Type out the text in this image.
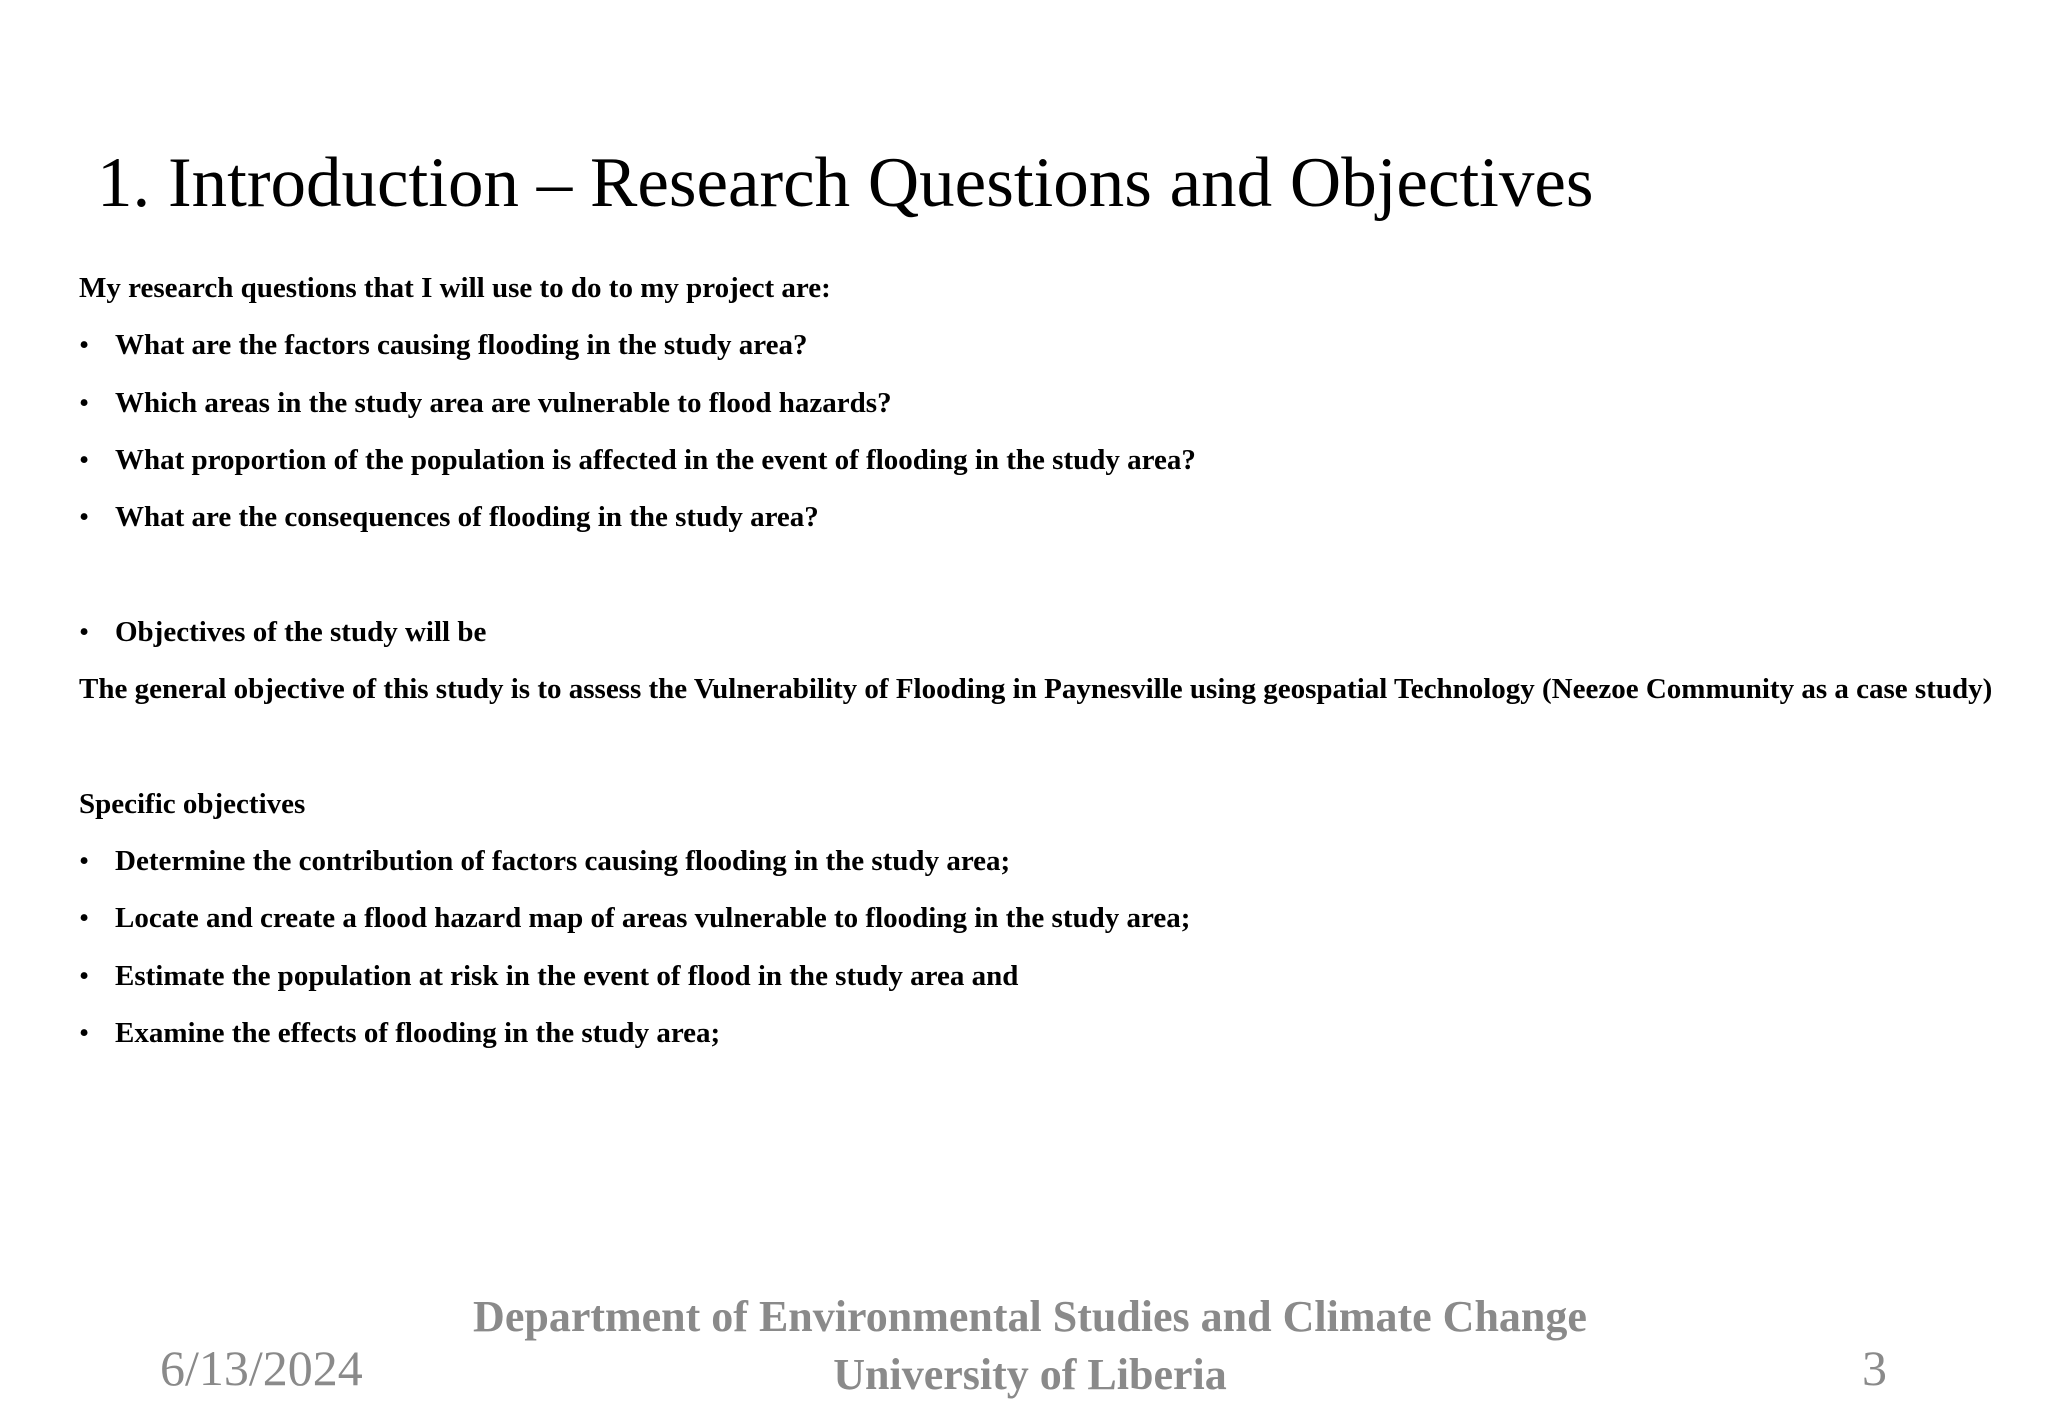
1. Introduction – Research Questions and Objectives
My research questions that I will use to do to my project are:
• What are the factors causing flooding in the study area?
• Which areas in the study area are vulnerable to flood hazards?
• What proportion of the population is affected in the event of flooding in the study area?
• What are the consequences of flooding in the study area?
• Objectives of the study will be
The general objective of this study is to assess the Vulnerability of Flooding in Paynesville using geospatial Technology (Neezoe Community as a case study)
Specific objectives
• Determine the contribution of factors causing flooding in the study area;
• Locate and create a flood hazard map of areas vulnerable to flooding in the study area;
• Estimate the population at risk in the event of flood in the study area and
• Examine the effects of flooding in the study area;
6/13/2024
Department of Environmental Studies and Climate Change
University of Liberia	3
